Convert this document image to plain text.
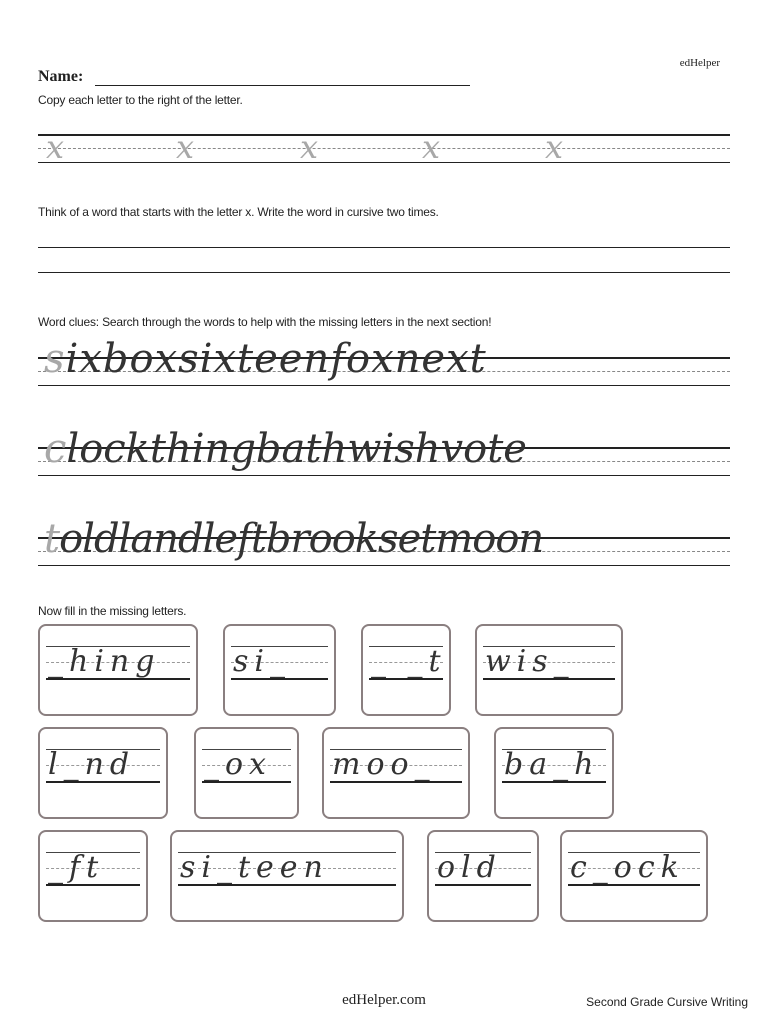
edHelper
Name:
Copy each letter to the right of the letter.
x	x	x	x	x
Think of a word that starts with the letter x. Write the word in cursive two times.
Word clues: Search through the words to help with the missing letters in the next section!
sixboxsixteenfoxnext
clockthingbathwishvote
toldlandleftbrooksetmoon
Now fill in the missing letters.
_hing si_	_ _t wis_
l_nd _ox moo_ ba_h
_ft	si_teen	old c_ock
edHelper.com	Second Grade Cursive Writing
